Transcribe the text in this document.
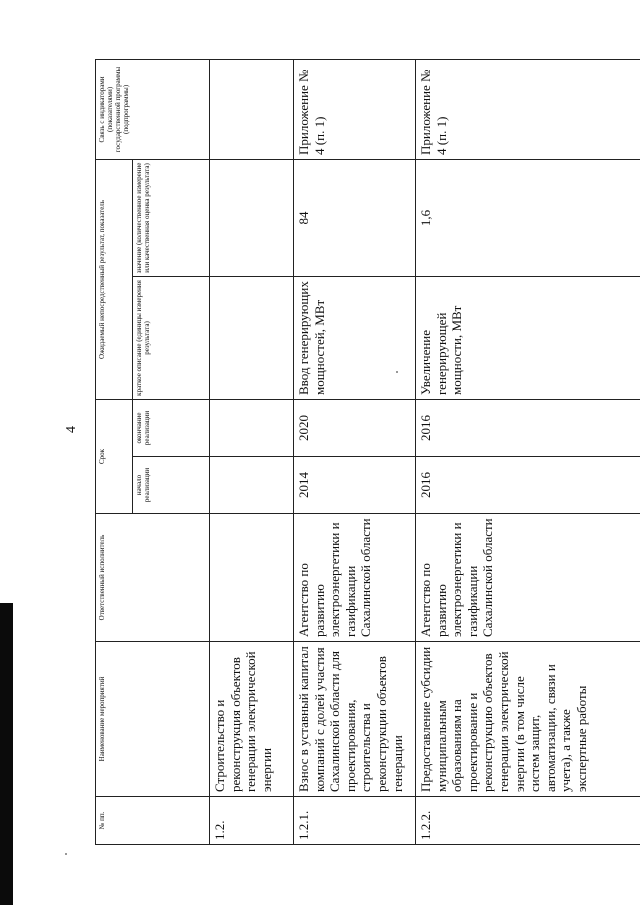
4
№ пп.	Наименование мероприятий	Ответственный исполнитель	Срок		Ожидаемый непосредственный результат, показатель		Связь с индикаторами (показателями) государственной программы (подпрограммы)
			начало реализации	окончание реализации	краткое описание (единицы измерения результата)	значение (количественное измерение или качественная оценка результата)	
1.2.	Строительство и реконструкция объектов генерации электрической энергии						
1.2.1.	Взнос в уставный капитал компаний с долей участия Сахалинской области для проектирования, строительства и реконструкции объектов генерации	Агентство по развитию электроэнергетики и газификации Сахалинской области	2014	2020	Ввод генерирующих мощностей, МВт	84	Приложение № 4 (п. 1)
1.2.2.	Предоставление субсидии муниципальным образованиям на проектирование и реконструкцию объектов генерации электрической энергии (в том числе систем защит, автоматизации, связи и учета), а также экспертные работы	Агентство по развитию электроэнергетики и газификации Сахалинской области	2016	2016	Увеличение генерирующей мощности, МВт	1,6	Приложение № 4 (п. 1)
